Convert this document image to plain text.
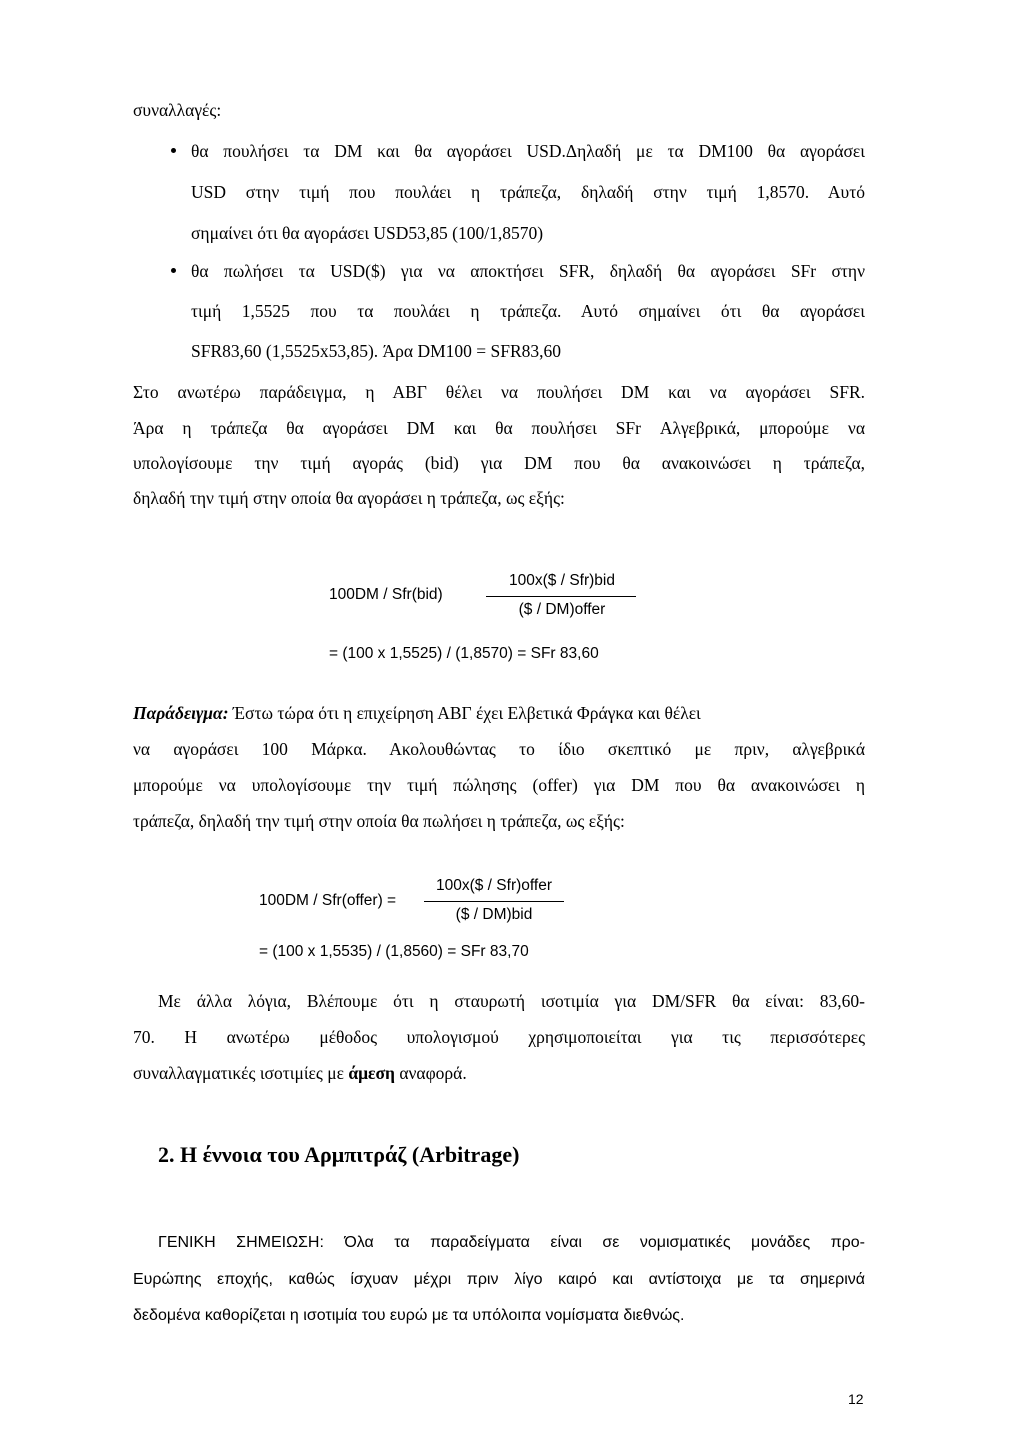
συναλλαγές:
θα πουλήσει τα DM και θα αγοράσει USD.Δηλαδή με τα DM100 θα αγοράσει
USD στην τιμή που πουλάει η τράπεζα, δηλαδή στην τιμή 1,8570. Αυτό
σημαίνει ότι θα αγοράσει USD53,85 (100/1,8570)
θα πωλήσει τα USD($) για να αποκτήσει SFR, δηλαδή θα αγοράσει SFr στην
τιμή 1,5525 που τα πουλάει η τράπεζα. Αυτό σημαίνει ότι θα αγοράσει
SFR83,60 (1,5525x53,85). Άρα DM100 = SFR83,60
Στο ανωτέρω παράδειγμα, η ΑΒΓ θέλει να πουλήσει DM και να αγοράσει SFR.
Άρα η τράπεζα θα αγοράσει DM και θα πουλήσει SFr Αλγεβρικά, μπορούμε να
υπολογίσουμε την τιμή αγοράς (bid) για DM που θα ανακοινώσει η τράπεζα,
δηλαδή την τιμή στην οποία θα αγοράσει η τράπεζα, ως εξής:
100DM / Sfr(bid)
100x($ / Sfr)bid
($ / DM)offer
= (100 x 1,5525) / (1,8570) = SFr 83,60
Παράδειγμα: Έστω τώρα ότι η επιχείρηση ΑΒΓ έχει Ελβετικά Φράγκα και θέλει
να αγοράσει 100 Μάρκα. Ακολουθώντας το ίδιο σκεπτικό με πριν, αλγεβρικά
μπορούμε να υπολογίσουμε την τιμή πώλησης (offer) για DM που θα ανακοινώσει η
τράπεζα, δηλαδή την τιμή στην οποία θα πωλήσει η τράπεζα, ως εξής:
100DM / Sfr(offer) =
100x($ / Sfr)offer
($ / DM)bid
= (100 x 1,5535) / (1,8560) = SFr 83,70
Με άλλα λόγια, Βλέπουμε ότι η σταυρωτή ισοτιμία για DM/SFR θα είναι: 83,60-
70. Η ανωτέρω μέθοδος υπολογισμού χρησιμοποιείται για τις περισσότερες
συναλλαγματικές ισοτιμίες με άμεση αναφορά.
2. Η έννοια του Αρμπιτράζ (Arbitrage)
ΓΕΝΙΚΗ ΣΗΜΕΙΩΣΗ: Όλα τα παραδείγματα είναι σε νομισματικές μονάδες προ-
Ευρώπης εποχής, καθώς ίσχυαν μέχρι πριν λίγο καιρό και αντίστοιχα με τα σημερινά
δεδομένα καθορίζεται η ισοτιμία του ευρώ με τα υπόλοιπα νομίσματα διεθνώς.
12
